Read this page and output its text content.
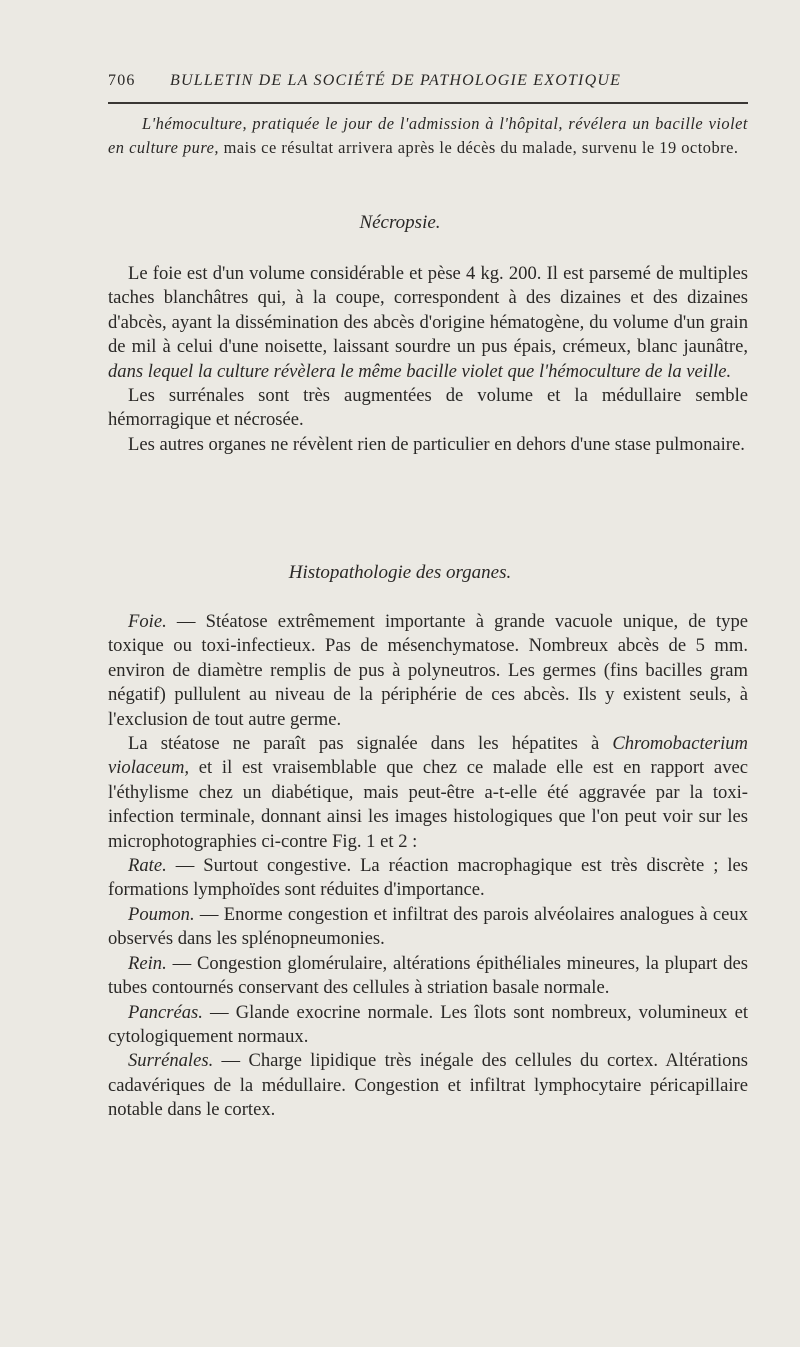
706 BULLETIN DE LA SOCIÉTÉ DE PATHOLOGIE EXOTIQUE
L'hémoculture, pratiquée le jour de l'admission à l'hôpital, révélera un bacille violet en culture pure, mais ce résultat arrivera après le décès du malade, survenu le 19 octobre.
Nécropsie.

Le foie est d'un volume considérable et pèse 4 kg. 200. Il est parsemé de multiples taches blanchâtres qui, à la coupe, correspondent à des dizaines et des dizaines d'abcès, ayant la dissémination des abcès d'origine hématogène, du volume d'un grain de mil à celui d'une noisette, laissant sourdre un pus épais, crémeux, blanc jaunâtre, dans lequel la culture révèlera le même bacille violet que l'hémoculture de la veille.

Les surrénales sont très augmentées de volume et la médullaire semble hémorragique et nécrosée.

Les autres organes ne révèlent rien de particulier en dehors d'une stase pulmonaire.

Histopathologie des organes.

Foie. — Stéatose extrêmement importante à grande vacuole unique, de type toxique ou toxi-infectieux. Pas de mésenchymatose. Nombreux abcès de 5 mm. environ de diamètre remplis de pus à polyneutros. Les germes (fins bacilles gram négatif) pullulent au niveau de la périphérie de ces abcès. Ils y existent seuls, à l'exclusion de tout autre germe.

La stéatose ne paraît pas signalée dans les hépatites à Chromobacterium violaceum, et il est vraisemblable que chez ce malade elle est en rapport avec l'éthylisme chez un diabétique, mais peut-être a-t-elle été aggravée par la toxi-infection terminale, donnant ainsi les images histologiques que l'on peut voir sur les microphotographies ci-contre Fig. 1 et 2 :

Rate. — Surtout congestive. La réaction macrophagique est très discrète ; les formations lymphoïdes sont réduites d'importance.

Poumon. — Enorme congestion et infiltrat des parois alvéolaires analogues à ceux observés dans les splénopneumonies.

Rein. — Congestion glomérulaire, altérations épithéliales mineures, la plupart des tubes contournés conservant des cellules à striation basale normale.

Pancréas. — Glande exocrine normale. Les îlots sont nombreux, volumineux et cytologiquement normaux.

Surrénales. — Charge lipidique très inégale des cellules du cortex. Altérations cadavériques de la médullaire. Congestion et infiltrat lymphocytaire péricapillaire notable dans le cortex.
